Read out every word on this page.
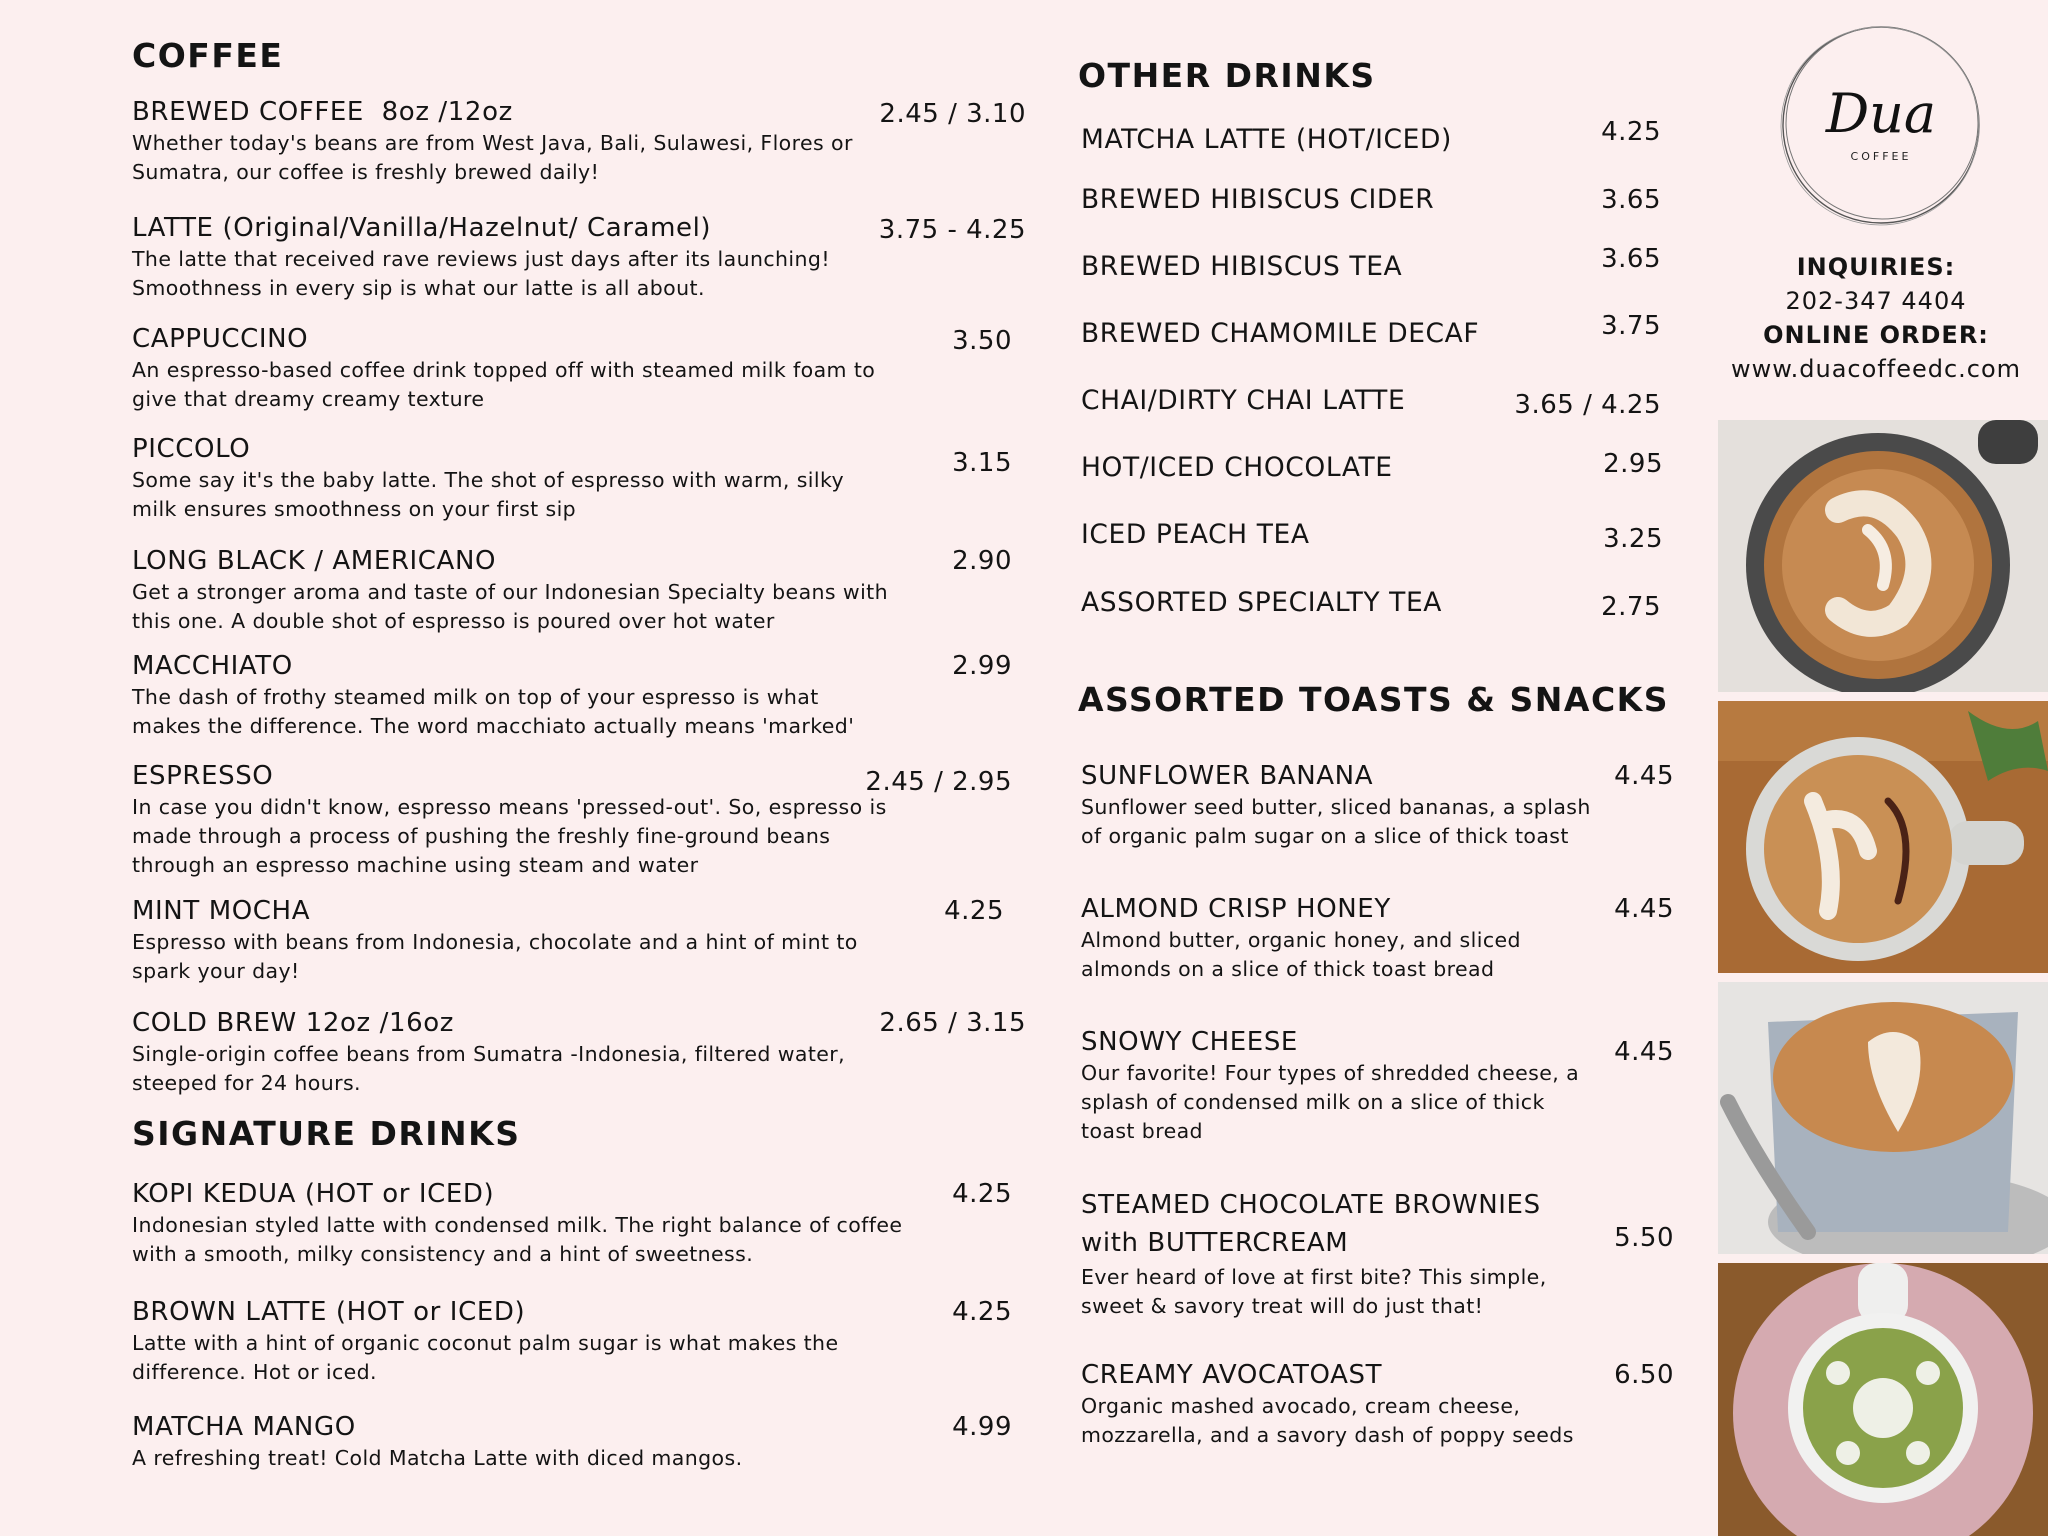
COFFEE
BREWED COFFEE  8oz /12oz	2.45 / 3.10
Whether today's beans are from West Java, Bali, Sulawesi, Flores or Sumatra, our coffee is freshly brewed daily!
LATTE (Original/Vanilla/Hazelnut/ Caramel)	3.75 - 4.25
The latte that received rave reviews just days after its launching! Smoothness in every sip is what our latte is all about.
CAPPUCCINO	3.50
An espresso-based coffee drink topped off with steamed milk foam to give that dreamy creamy texture
PICCOLO	3.15
Some say it's the baby latte. The shot of espresso with warm, silky milk ensures smoothness on your first sip
LONG BLACK / AMERICANO	2.90
Get a stronger aroma and taste of our Indonesian Specialty beans with this one. A double shot of espresso is poured over hot water
MACCHIATO	2.99
The dash of frothy steamed milk on top of your espresso is what makes the difference. The word macchiato actually means 'marked'
ESPRESSO	2.45 / 2.95
In case you didn't know, espresso means 'pressed-out'. So, espresso is made through a process of pushing the freshly fine-ground beans through an espresso machine using steam and water
MINT MOCHA	4.25
Espresso with beans from Indonesia, chocolate and a hint of mint to spark your day!
COLD BREW 12oz /16oz	2.65 / 3.15
Single-origin coffee beans from Sumatra -Indonesia, filtered water, steeped for 24 hours.
SIGNATURE DRINKS
KOPI KEDUA (HOT or ICED)	4.25
Indonesian styled latte with condensed milk. The right balance of coffee with a smooth, milky consistency and a hint of sweetness.
BROWN LATTE (HOT or ICED)	4.25
Latte with a hint of organic coconut palm sugar is what makes the difference. Hot or iced.
MATCHA MANGO	4.99
A refreshing treat! Cold Matcha Latte with diced mangos.
OTHER DRINKS
MATCHA LATTE (HOT/ICED)	4.25
BREWED HIBISCUS CIDER	3.65
BREWED HIBISCUS TEA	3.65
BREWED CHAMOMILE DECAF	3.75
CHAI/DIRTY CHAI LATTE	3.65 / 4.25
HOT/ICED CHOCOLATE	2.95
ICED PEACH TEA	3.25
ASSORTED SPECIALTY TEA	2.75
ASSORTED TOASTS & SNACKS
SUNFLOWER BANANA	4.45
Sunflower seed butter, sliced bananas, a splash of organic palm sugar on a slice of thick toast
ALMOND CRISP HONEY	4.45
Almond butter, organic honey, and sliced almonds on a slice of thick toast bread
SNOWY CHEESE	4.45
Our favorite! Four types of shredded cheese, a splash of condensed milk on a slice of thick toast bread
STEAMED CHOCOLATE BROWNIES with BUTTERCREAM	5.50
Ever heard of love at first bite? This simple, sweet & savory treat will do just that!
CREAMY AVOCATOAST	6.50
Organic mashed avocado, cream cheese, mozzarella, and a savory dash of poppy seeds
Dua
COFFEE
INQUIRIES:
202-347 4404
ONLINE ORDER:
www.duacoffeedc.com
